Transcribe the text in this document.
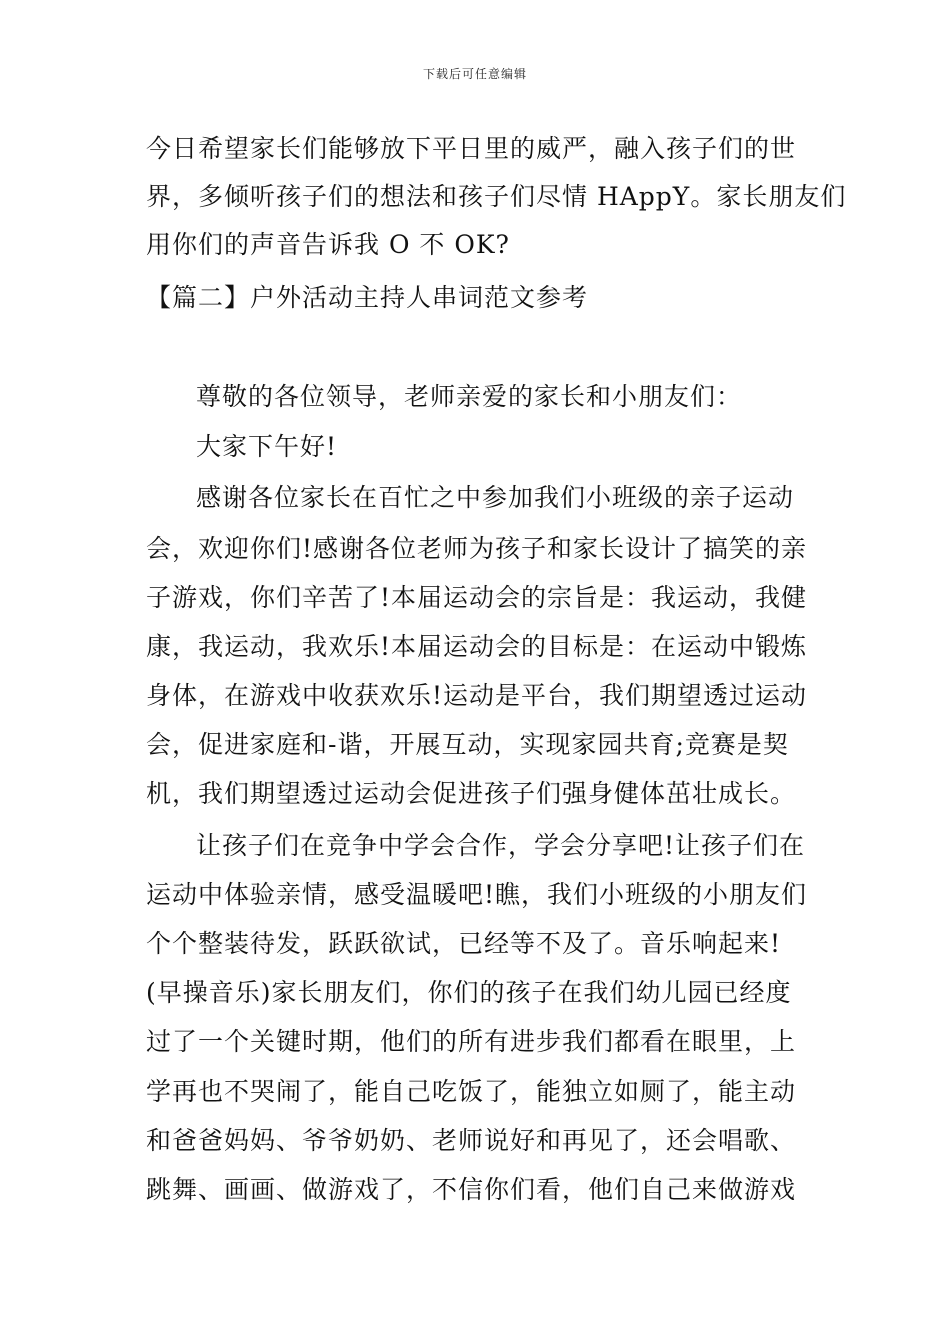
下载后可任意编辑
今日希望家长们能够放下平日里的威严，融入孩子们的世
界，多倾听孩子们的想法和孩子们尽情 HAppY。家长朋友们
用你们的声音告诉我 O 不 OK?
【篇二】户外活动主持人串词范文参考
尊敬的各位领导，老师亲爱的家长和小朋友们：
大家下午好!
感谢各位家长在百忙之中参加我们小班级的亲子运动
会，欢迎你们!感谢各位老师为孩子和家长设计了搞笑的亲
子游戏，你们辛苦了!本届运动会的宗旨是：我运动，我健
康，我运动，我欢乐!本届运动会的目标是：在运动中锻炼
身体，在游戏中收获欢乐!运动是平台，我们期望透过运动
会，促进家庭和-谐，开展互动，实现家园共育;竞赛是契
机，我们期望透过运动会促进孩子们强身健体茁壮成长。
让孩子们在竞争中学会合作，学会分享吧!让孩子们在
运动中体验亲情，感受温暖吧!瞧，我们小班级的小朋友们
个个整装待发，跃跃欲试，已经等不及了。音乐响起来!
(早操音乐)家长朋友们，你们的孩子在我们幼儿园已经度
过了一个关键时期，他们的所有进步我们都看在眼里，上
学再也不哭闹了，能自己吃饭了，能独立如厕了，能主动
和爸爸妈妈、爷爷奶奶、老师说好和再见了，还会唱歌、
跳舞、画画、做游戏了，不信你们看，他们自己来做游戏
